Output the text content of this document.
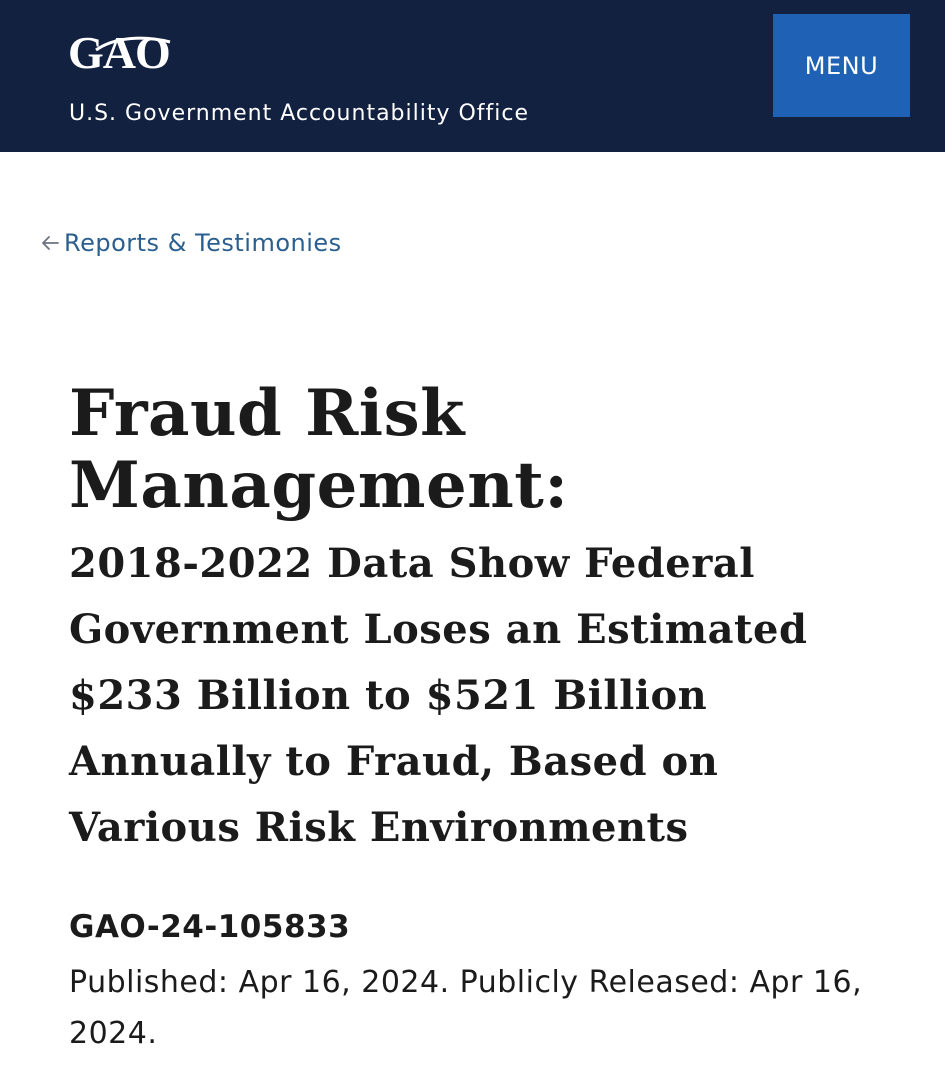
GAO
U.S. Government Accountability Office
MENU
Reports & Testimonies
Fraud Risk Management:
2018-2022 Data Show Federal Government Loses an Estimated $233 Billion to $521 Billion Annually to Fraud, Based on Various Risk Environments
GAO-24-105833

Published: Apr 16, 2024. Publicly Released: Apr 16, 2024.
